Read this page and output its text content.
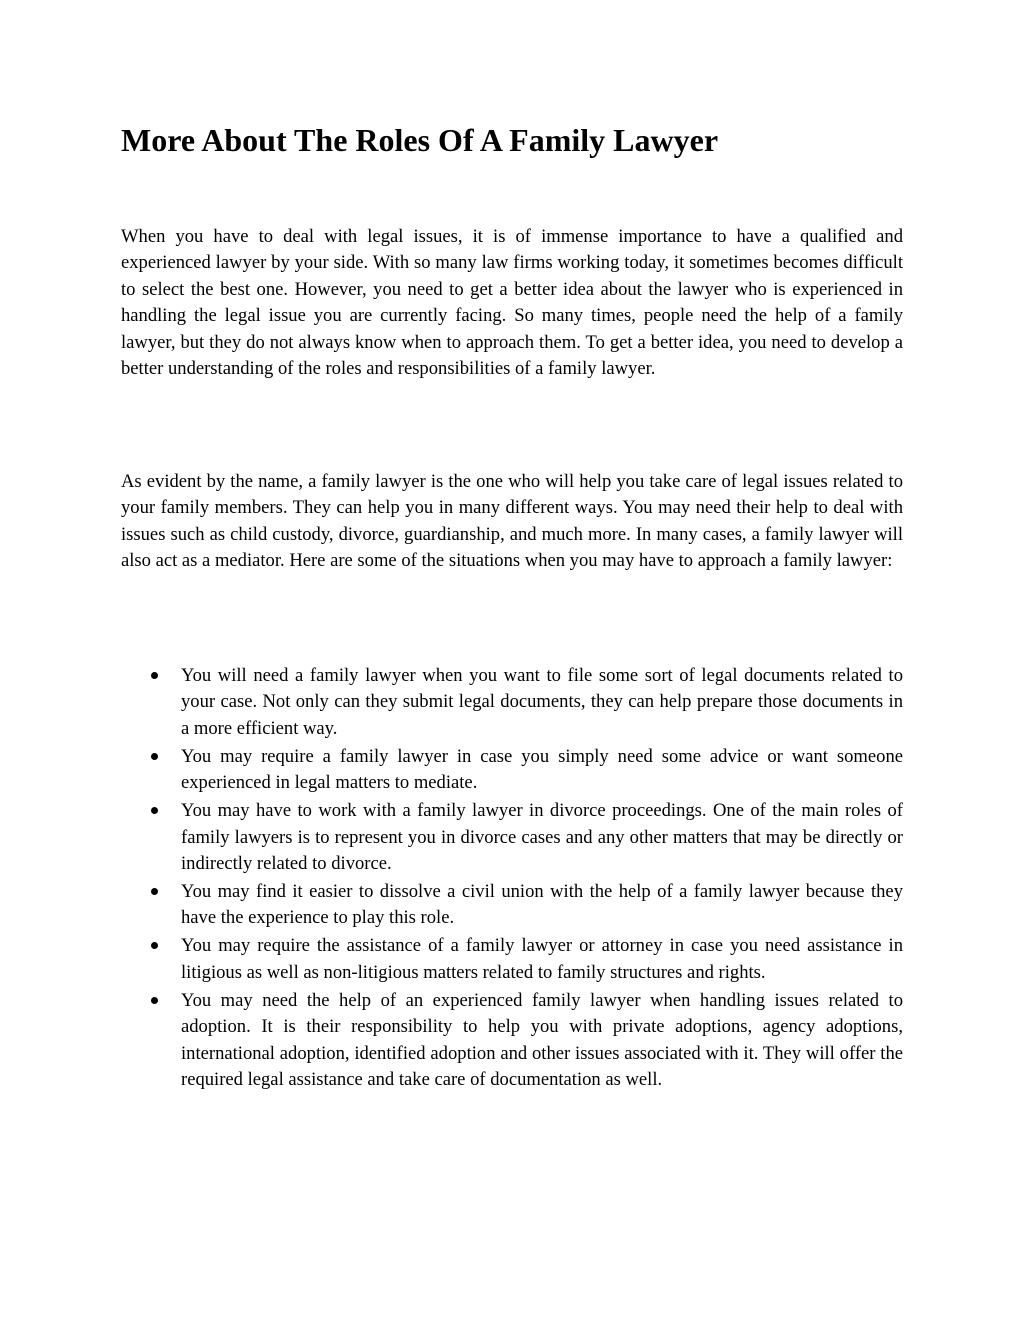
More About The Roles Of A Family Lawyer

When you have to deal with legal issues, it is of immense importance to have a qualified and experienced lawyer by your side. With so many law firms working today, it sometimes becomes difficult to select the best one. However, you need to get a better idea about the lawyer who is experienced in handling the legal issue you are currently facing. So many times, people need the help of a family lawyer, but they do not always know when to approach them. To get a better idea, you need to develop a better understanding of the roles and responsibilities of a family lawyer.

As evident by the name, a family lawyer is the one who will help you take care of legal issues related to your family members. They can help you in many different ways. You may need their help to deal with issues such as child custody, divorce, guardianship, and much more. In many cases, a family lawyer will also act as a mediator. Here are some of the situations when you may have to approach a family lawyer:

You will need a family lawyer when you want to file some sort of legal documents related to your case. Not only can they submit legal documents, they can help prepare those documents in a more efficient way.
You may require a family lawyer in case you simply need some advice or want someone experienced in legal matters to mediate.
You may have to work with a family lawyer in divorce proceedings. One of the main roles of family lawyers is to represent you in divorce cases and any other matters that may be directly or indirectly related to divorce.
You may find it easier to dissolve a civil union with the help of a family lawyer because they have the experience to play this role.
You may require the assistance of a family lawyer or attorney in case you need assistance in litigious as well as non-litigious matters related to family structures and rights.
You may need the help of an experienced family lawyer when handling issues related to adoption. It is their responsibility to help you with private adoptions, agency adoptions, international adoption, identified adoption and other issues associated with it. They will offer the required legal assistance and take care of documentation as well.
